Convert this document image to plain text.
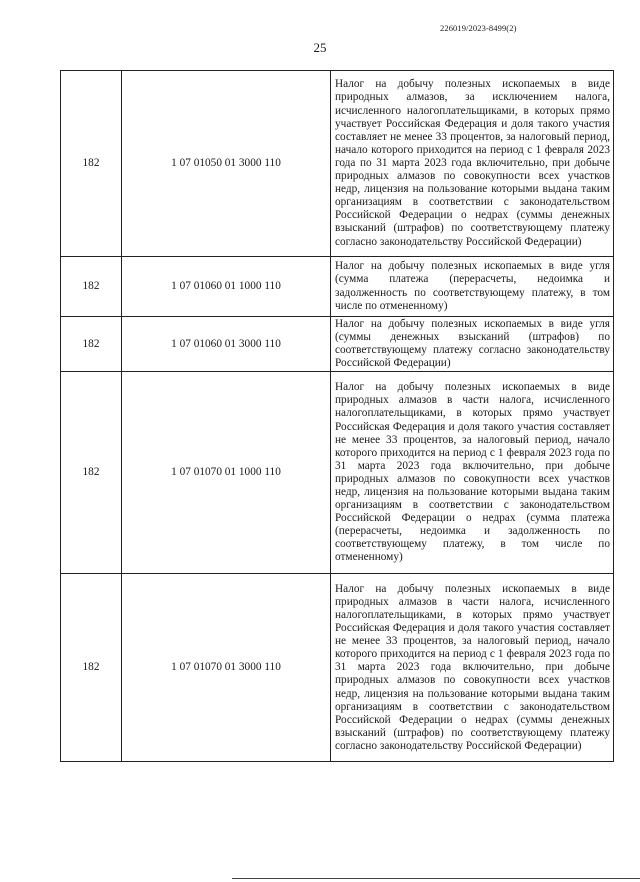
226019/2023-8499(2)
25
182	1 07 01050 01 3000 110	Налог на добычу полезных ископаемых в виде природных алмазов, за исключением налога, исчисленного налогоплательщиками, в которых прямо участвует Российская Федерация и доля такого участия составляет не менее 33 процентов, за налоговый период, начало которого приходится на период с 1 февраля 2023 года по 31 марта 2023 года включительно, при добыче природных алмазов по совокупности всех участков недр, лицензия на пользование которыми выдана таким организациям в соответствии с законодательством Российской Федерации о недрах (суммы денежных взысканий (штрафов) по соответствующему платежу согласно законодательству Российской Федерации)

182	1 07 01060 01 1000 110	Налог на добычу полезных ископаемых в виде угля (сумма платежа (перерасчеты, недоимка и задолженность по соответствующему платежу, в том числе по отмененному)

182	1 07 01060 01 3000 110	Налог на добычу полезных ископаемых в виде угля (суммы денежных взысканий (штрафов) по соответствующему платежу согласно законодательству Российской Федерации)

182	1 07 01070 01 1000 110	Налог на добычу полезных ископаемых в виде природных алмазов в части налога, исчисленного налогоплательщиками, в которых прямо участвует Российская Федерация и доля такого участия составляет не менее 33 процентов, за налоговый период, начало которого приходится на период с 1 февраля 2023 года по 31 марта 2023 года включительно, при добыче природных алмазов по совокупности всех участков недр, лицензия на пользование которыми выдана таким организациям в соответствии с законодательством Российской Федерации о недрах (сумма платежа (перерасчеты, недоимка и задолженность по соответствующему платежу, в том числе по отмененному)

182	1 07 01070 01 3000 110	Налог на добычу полезных ископаемых в виде природных алмазов в части налога, исчисленного налогоплательщиками, в которых прямо участвует Российская Федерация и доля такого участия составляет не менее 33 процентов, за налоговый период, начало которого приходится на период с 1 февраля 2023 года по 31 марта 2023 года включительно, при добыче природных алмазов по совокупности всех участков недр, лицензия на пользование которыми выдана таким организациям в соответствии с законодательством Российской Федерации о недрах (суммы денежных взысканий (штрафов) по соответствующему платежу согласно законодательству Российской Федерации)
